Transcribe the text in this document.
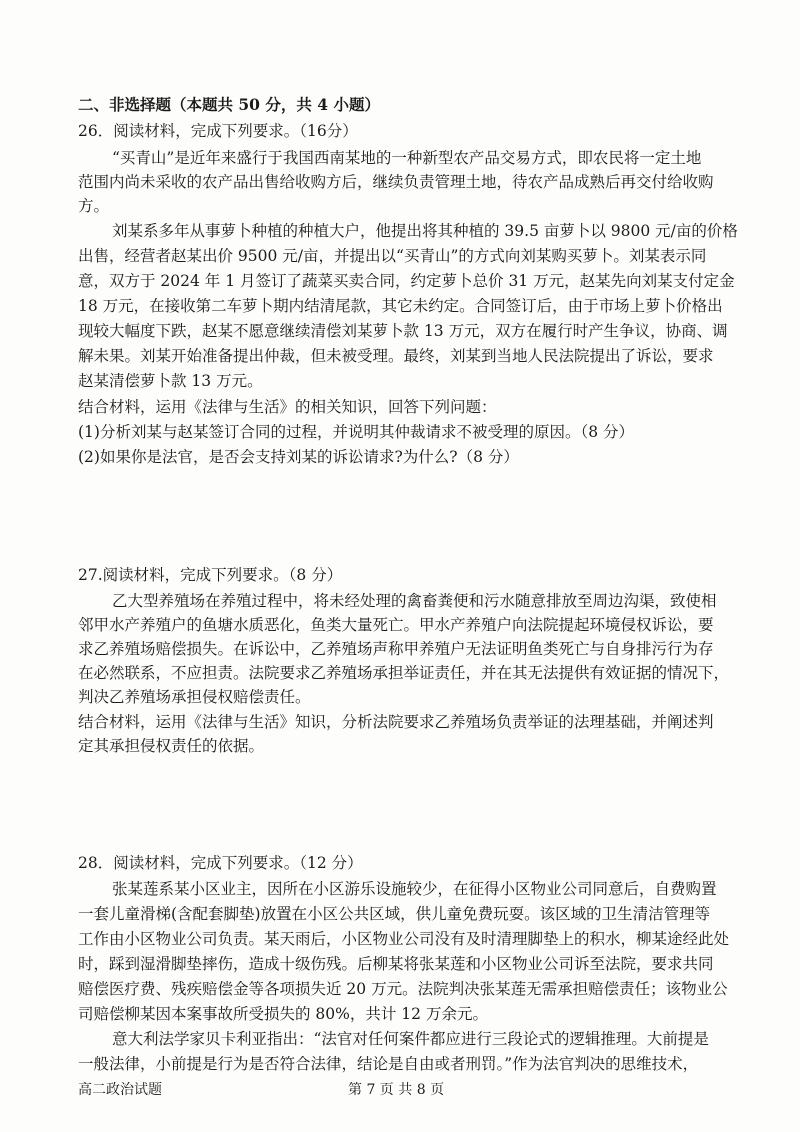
二、非选择题（本题共 50 分，共 4 小题）
26．阅读材料，完成下列要求。（16分）
“买青山”是近年来盛行于我国西南某地的一种新型农产品交易方式，即农民将一定土地
范围内尚未采收的农产品出售给收购方后，继续负责管理土地，待农产品成熟后再交付给收购
方。
刘某系多年从事萝卜种植的种植大户，他提出将其种植的 39.5 亩萝卜以 9800 元/亩的价格
出售，经营者赵某出价 9500 元/亩，并提出以“买青山”的方式向刘某购买萝卜。刘某表示同
意，双方于 2024 年 1 月签订了蔬菜买卖合同，约定萝卜总价 31 万元，赵某先向刘某支付定金
18 万元，在接收第二车萝卜期内结清尾款，其它未约定。合同签订后，由于市场上萝卜价格出
现较大幅度下跌，赵某不愿意继续清偿刘某萝卜款 13 万元，双方在履行时产生争议，协商、调
解未果。刘某开始准备提出仲裁，但未被受理。最终，刘某到当地人民法院提出了诉讼，要求
赵某清偿萝卜款 13 万元。
结合材料，运用《法律与生活》的相关知识，回答下列问题：
(1)分析刘某与赵某签订合同的过程，并说明其仲裁请求不被受理的原因。（8 分）
(2)如果你是法官，是否会支持刘某的诉讼请求?为什么?（8 分）
27.阅读材料，完成下列要求。（8 分）
乙大型养殖场在养殖过程中，将未经处理的禽畜粪便和污水随意排放至周边沟渠，致使相
邻甲水产养殖户的鱼塘水质恶化，鱼类大量死亡。甲水产养殖户向法院提起环境侵权诉讼，要
求乙养殖场赔偿损失。在诉讼中，乙养殖场声称甲养殖户无法证明鱼类死亡与自身排污行为存
在必然联系，不应担责。法院要求乙养殖场承担举证责任，并在其无法提供有效证据的情况下，
判决乙养殖场承担侵权赔偿责任。
结合材料，运用《法律与生活》知识，分析法院要求乙养殖场负责举证的法理基础，并阐述判
定其承担侵权责任的依据。
28．阅读材料，完成下列要求。（12 分）
张某莲系某小区业主，因所在小区游乐设施较少，在征得小区物业公司同意后，自费购置
一套儿童滑梯(含配套脚垫)放置在小区公共区域，供儿童免费玩耍。该区域的卫生清洁管理等
工作由小区物业公司负责。某天雨后，小区物业公司没有及时清理脚垫上的积水，柳某途经此处
时，踩到湿滑脚垫摔伤，造成十级伤残。后柳某将张某莲和小区物业公司诉至法院，要求共同
赔偿医疗费、残疾赔偿金等各项损失近 20 万元。法院判决张某莲无需承担赔偿责任；该物业公
司赔偿柳某因本案事故所受损失的 80%，共计 12 万余元。
意大利法学家贝卡利亚指出：“法官对任何案件都应进行三段论式的逻辑推理。大前提是
一般法律，小前提是行为是否符合法律，结论是自由或者刑罚。”作为法官判决的思维技术，
高二政治试题	第 7 页 共 8 页
